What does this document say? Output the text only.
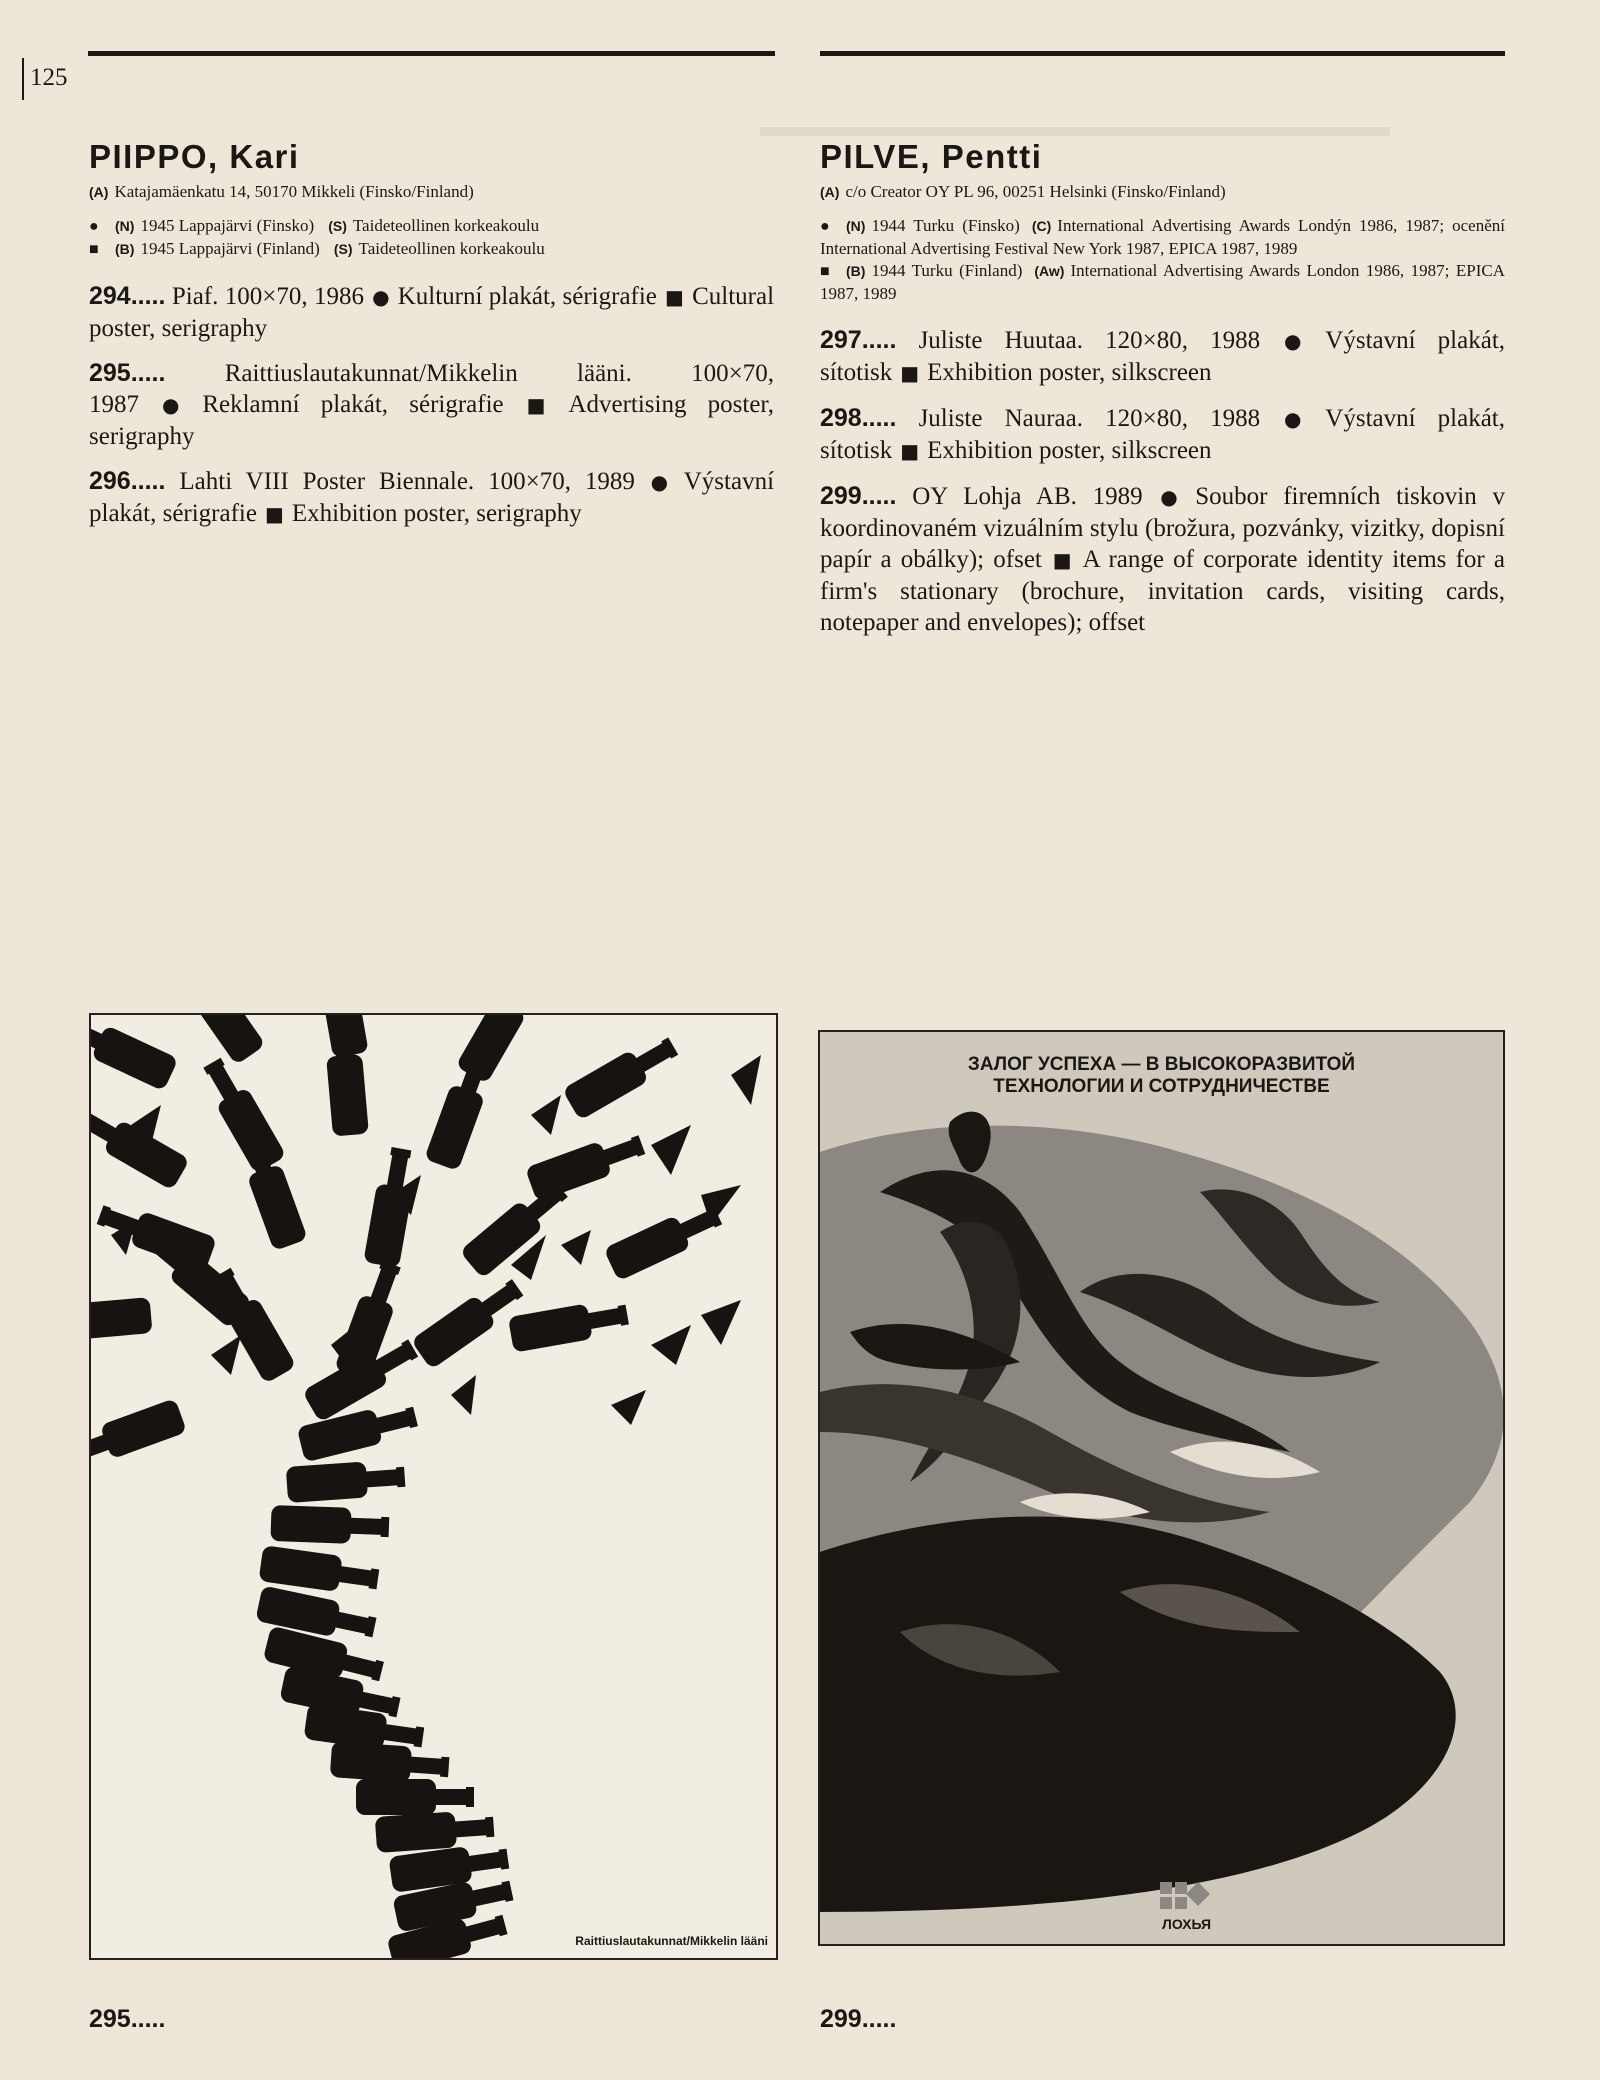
▬▬▬▬▬▬▬▬▬▬▬▬▬▬▬▬▬▬▬▬▬
125
PIIPPO, Kari
(A) Katajamäenkatu 14, 50170 Mikkeli (Finsko/Finland)
● (N) 1945 Lappajärvi (Finsko) (S) Taideteollinen korkeakoulu
■ (B) 1945 Lappajärvi (Finland) (S) Taideteollinen korkeakoulu
294..... Piaf. 100×70, 1986 ● Kulturní plakát, sérigrafie ■ Cultural poster, serigraphy
295..... Raittiuslautakunnat/Mikkelin lääni. 100×70, 1987 ● Reklamní plakát, sérigrafie ■ Advertising poster, serigraphy
296..... Lahti VIII Poster Biennale. 100×70, 1989 ● Výstavní plakát, sérigrafie ■ Exhibition poster, serigraphy
PILVE, Pentti
(A) c/o Creator OY PL 96, 00251 Helsinki (Finsko/Finland)
● (N) 1944 Turku (Finsko) (C) International Advertising Awards Londýn 1986, 1987; ocenění International Advertising Festival New York 1987, EPICA 1987, 1989
■ (B) 1944 Turku (Finland) (Aw) International Advertising Awards London 1986, 1987; EPICA 1987, 1989
297..... Juliste Huutaa. 120×80, 1988 ● Výstavní plakát, sítotisk ■ Exhibition poster, silkscreen
298..... Juliste Nauraa. 120×80, 1988 ● Výstavní plakát, sítotisk ■ Exhibition poster, silkscreen
299..... OY Lohja AB. 1989 ● Soubor firemních tiskovin v koordinovaném vizuálním stylu (brožura, pozvánky, vizitky, dopisní papír a obálky); ofset ■ A range of corporate identity items for a firm's stationary (brochure, invitation cards, visiting cards, notepaper and envelopes); offset
Raittiuslautakunnat/Mikkelin lääni
295.....
ЗАЛОГ УСПЕХА — В ВЫСОКОРАЗВИТОЙ
ТЕХНОЛОГИИ И СОТРУДНИЧЕСТВЕ
ЛОХЬЯ
299.....
